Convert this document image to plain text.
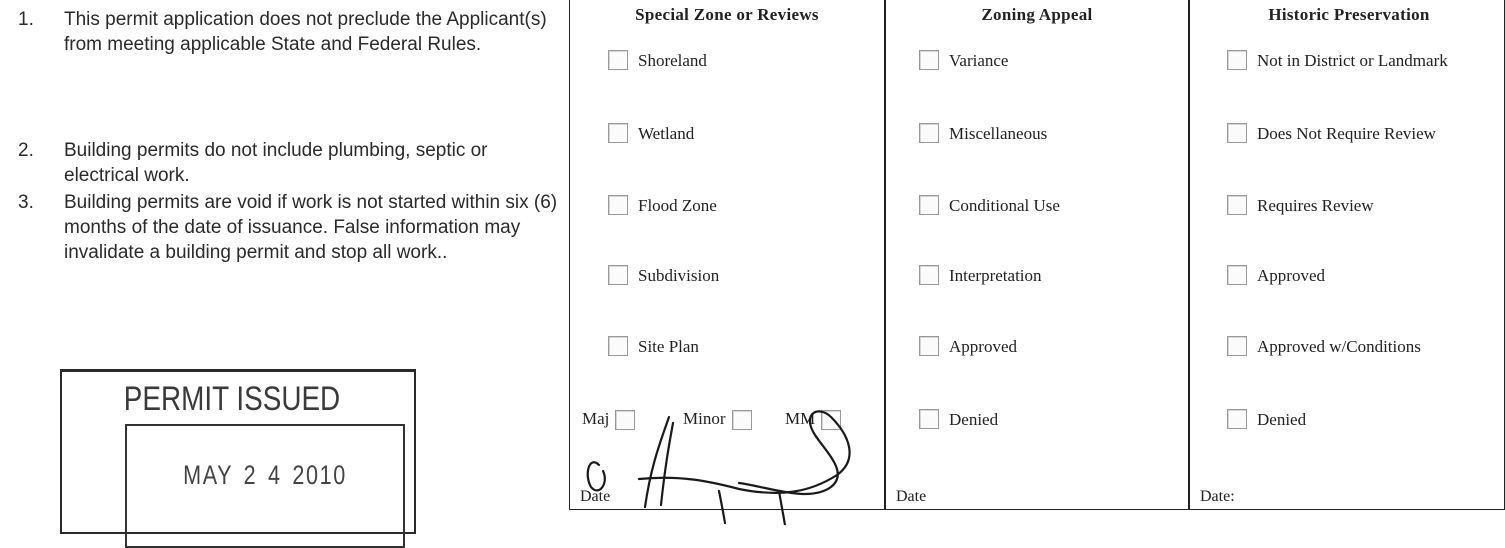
1. This permit application does not preclude the Applicant(s) from meeting applicable State and Federal Rules.
2. Building permits do not include plumbing, septic or electrical work.
3. Building permits are void if work is not started within six (6) months of the date of issuance. False information may invalidate a building permit and stop all work..
PERMIT ISSUED
MAY 2 4 2010
Special Zone or Reviews
Shoreland
Wetland
Flood Zone
Subdivision
Site Plan
Maj	Minor	MM
Date
Zoning Appeal
Variance
Miscellaneous
Conditional Use
Interpretation
Approved
Denied
Date
Historic Preservation
Not in District or Landmark
Does Not Require Review
Requires Review
Approved
Approved w/Conditions
Denied
Date:
